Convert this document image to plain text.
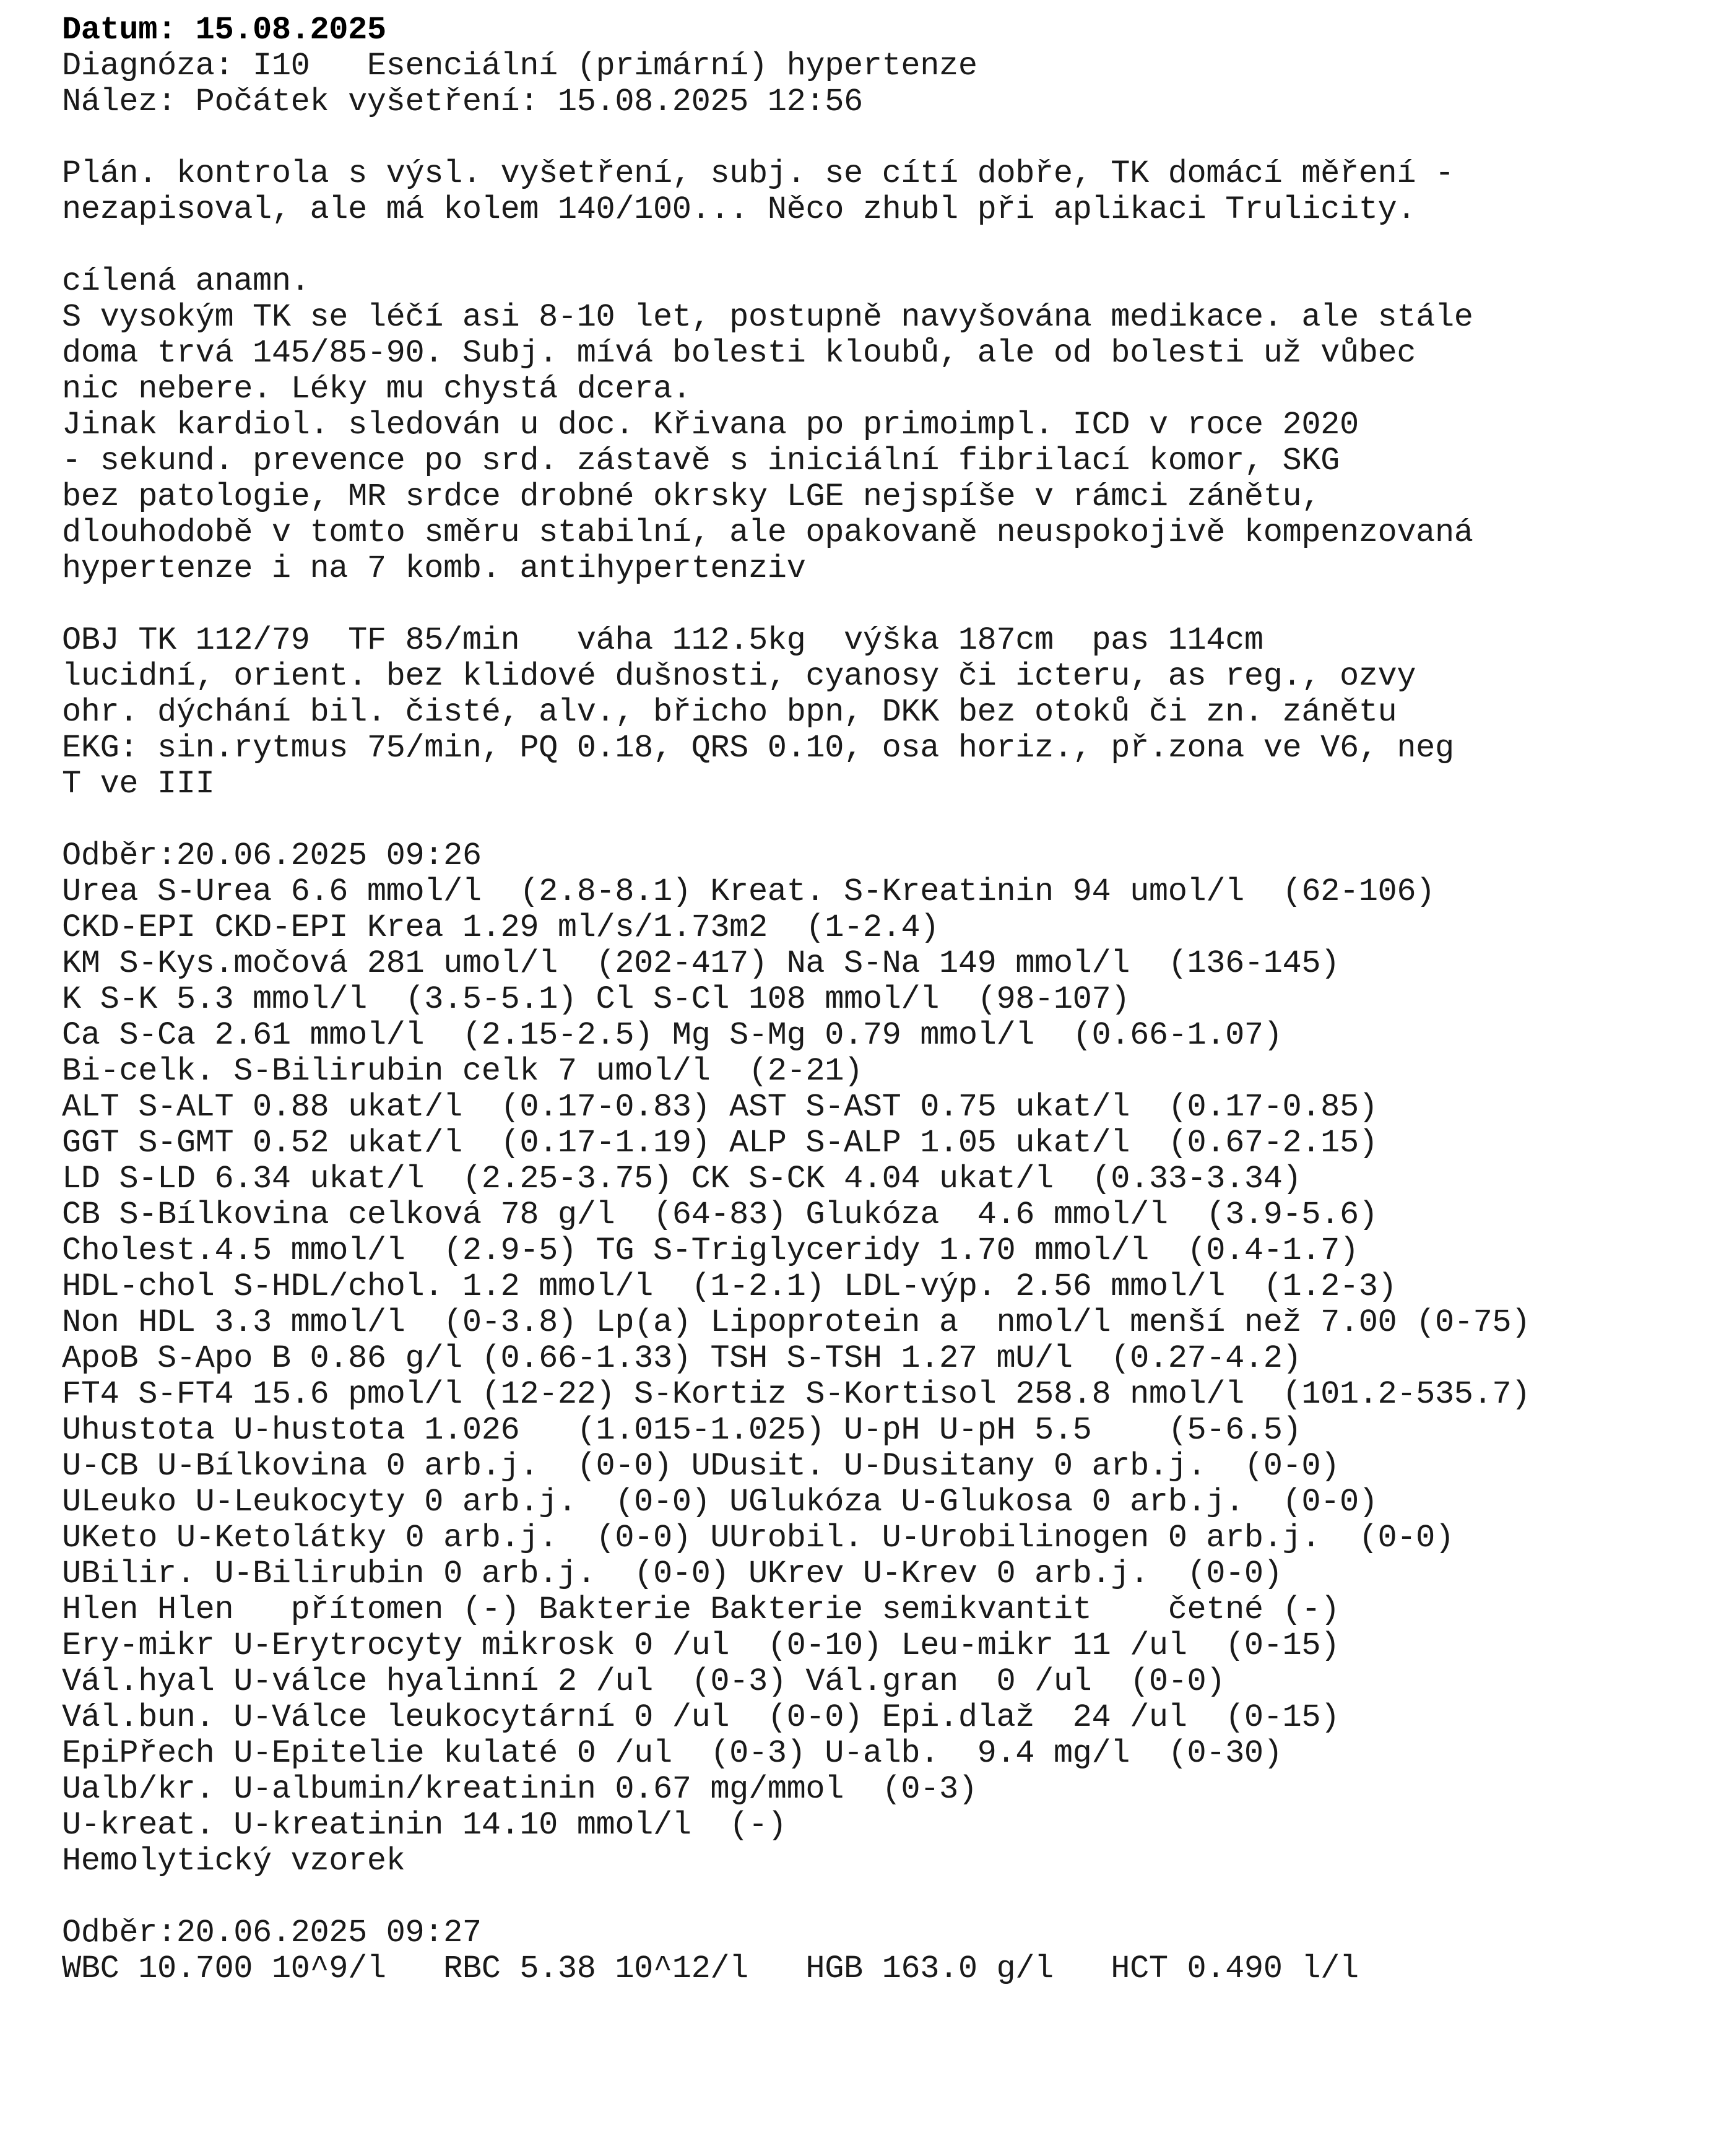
Datum: 15.08.2025
Diagnóza: I10   Esenciální (primární) hypertenze
Nález: Počátek vyšetření: 15.08.2025 12:56
Plán. kontrola s výsl. vyšetření, subj. se cítí dobře, TK domácí měření -
nezapisoval, ale má kolem 140/100... Něco zhubl při aplikaci Trulicity.
cílená anamn.
S vysokým TK se léčí asi 8-10 let, postupně navyšována medikace. ale stále
doma trvá 145/85-90. Subj. mívá bolesti kloubů, ale od bolesti už vůbec
nic nebere. Léky mu chystá dcera.
Jinak kardiol. sledován u doc. Křivana po primoimpl. ICD v roce 2020
- sekund. prevence po srd. zástavě s iniciální fibrilací komor, SKG
bez patologie, MR srdce drobné okrsky LGE nejspíše v rámci zánětu,
dlouhodobě v tomto směru stabilní, ale opakovaně neuspokojivě kompenzovaná
hypertenze i na 7 komb. antihypertenziv
OBJ TK 112/79  TF 85/min   váha 112.5kg  výška 187cm  pas 114cm
lucidní, orient. bez klidové dušnosti, cyanosy či icteru, as reg., ozvy
ohr. dýchání bil. čisté, alv., břicho bpn, DKK bez otoků či zn. zánětu
EKG: sin.rytmus 75/min, PQ 0.18, QRS 0.10, osa horiz., př.zona ve V6, neg
T ve III
Odběr:20.06.2025 09:26
Urea S-Urea 6.6 mmol/l  (2.8-8.1) Kreat. S-Kreatinin 94 umol/l  (62-106)
CKD-EPI CKD-EPI Krea 1.29 ml/s/1.73m2  (1-2.4)
KM S-Kys.močová 281 umol/l  (202-417) Na S-Na 149 mmol/l  (136-145)
K S-K 5.3 mmol/l  (3.5-5.1) Cl S-Cl 108 mmol/l  (98-107)
Ca S-Ca 2.61 mmol/l  (2.15-2.5) Mg S-Mg 0.79 mmol/l  (0.66-1.07)
Bi-celk. S-Bilirubin celk 7 umol/l  (2-21)
ALT S-ALT 0.88 ukat/l  (0.17-0.83) AST S-AST 0.75 ukat/l  (0.17-0.85)
GGT S-GMT 0.52 ukat/l  (0.17-1.19) ALP S-ALP 1.05 ukat/l  (0.67-2.15)
LD S-LD 6.34 ukat/l  (2.25-3.75) CK S-CK 4.04 ukat/l  (0.33-3.34)
CB S-Bílkovina celková 78 g/l  (64-83) Glukóza  4.6 mmol/l  (3.9-5.6)
Cholest.4.5 mmol/l  (2.9-5) TG S-Triglyceridy 1.70 mmol/l  (0.4-1.7)
HDL-chol S-HDL/chol. 1.2 mmol/l  (1-2.1) LDL-výp. 2.56 mmol/l  (1.2-3)
Non HDL 3.3 mmol/l  (0-3.8) Lp(a) Lipoprotein a  nmol/l menší než 7.00 (0-75)
ApoB S-Apo B 0.86 g/l (0.66-1.33) TSH S-TSH 1.27 mU/l  (0.27-4.2)
FT4 S-FT4 15.6 pmol/l (12-22) S-Kortiz S-Kortisol 258.8 nmol/l  (101.2-535.7)
Uhustota U-hustota 1.026   (1.015-1.025) U-pH U-pH 5.5    (5-6.5)
U-CB U-Bílkovina 0 arb.j.  (0-0) UDusit. U-Dusitany 0 arb.j.  (0-0)
ULeuko U-Leukocyty 0 arb.j.  (0-0) UGlukóza U-Glukosa 0 arb.j.  (0-0)
UKeto U-Ketolátky 0 arb.j.  (0-0) UUrobil. U-Urobilinogen 0 arb.j.  (0-0)
UBilir. U-Bilirubin 0 arb.j.  (0-0) UKrev U-Krev 0 arb.j.  (0-0)
Hlen Hlen   přítomen (-) Bakterie Bakterie semikvantit    četné (-)
Ery-mikr U-Erytrocyty mikrosk 0 /ul  (0-10) Leu-mikr 11 /ul  (0-15)
Vál.hyal U-válce hyalinní 2 /ul  (0-3) Vál.gran  0 /ul  (0-0)
Vál.bun. U-Válce leukocytární 0 /ul  (0-0) Epi.dlaž  24 /ul  (0-15)
EpiPřech U-Epitelie kulaté 0 /ul  (0-3) U-alb.  9.4 mg/l  (0-30)
Ualb/kr. U-albumin/kreatinin 0.67 mg/mmol  (0-3)
U-kreat. U-kreatinin 14.10 mmol/l  (-)
Hemolytický vzorek
Odběr:20.06.2025 09:27
WBC 10.700 10^9/l   RBC 5.38 10^12/l   HGB 163.0 g/l   HCT 0.490 l/l
